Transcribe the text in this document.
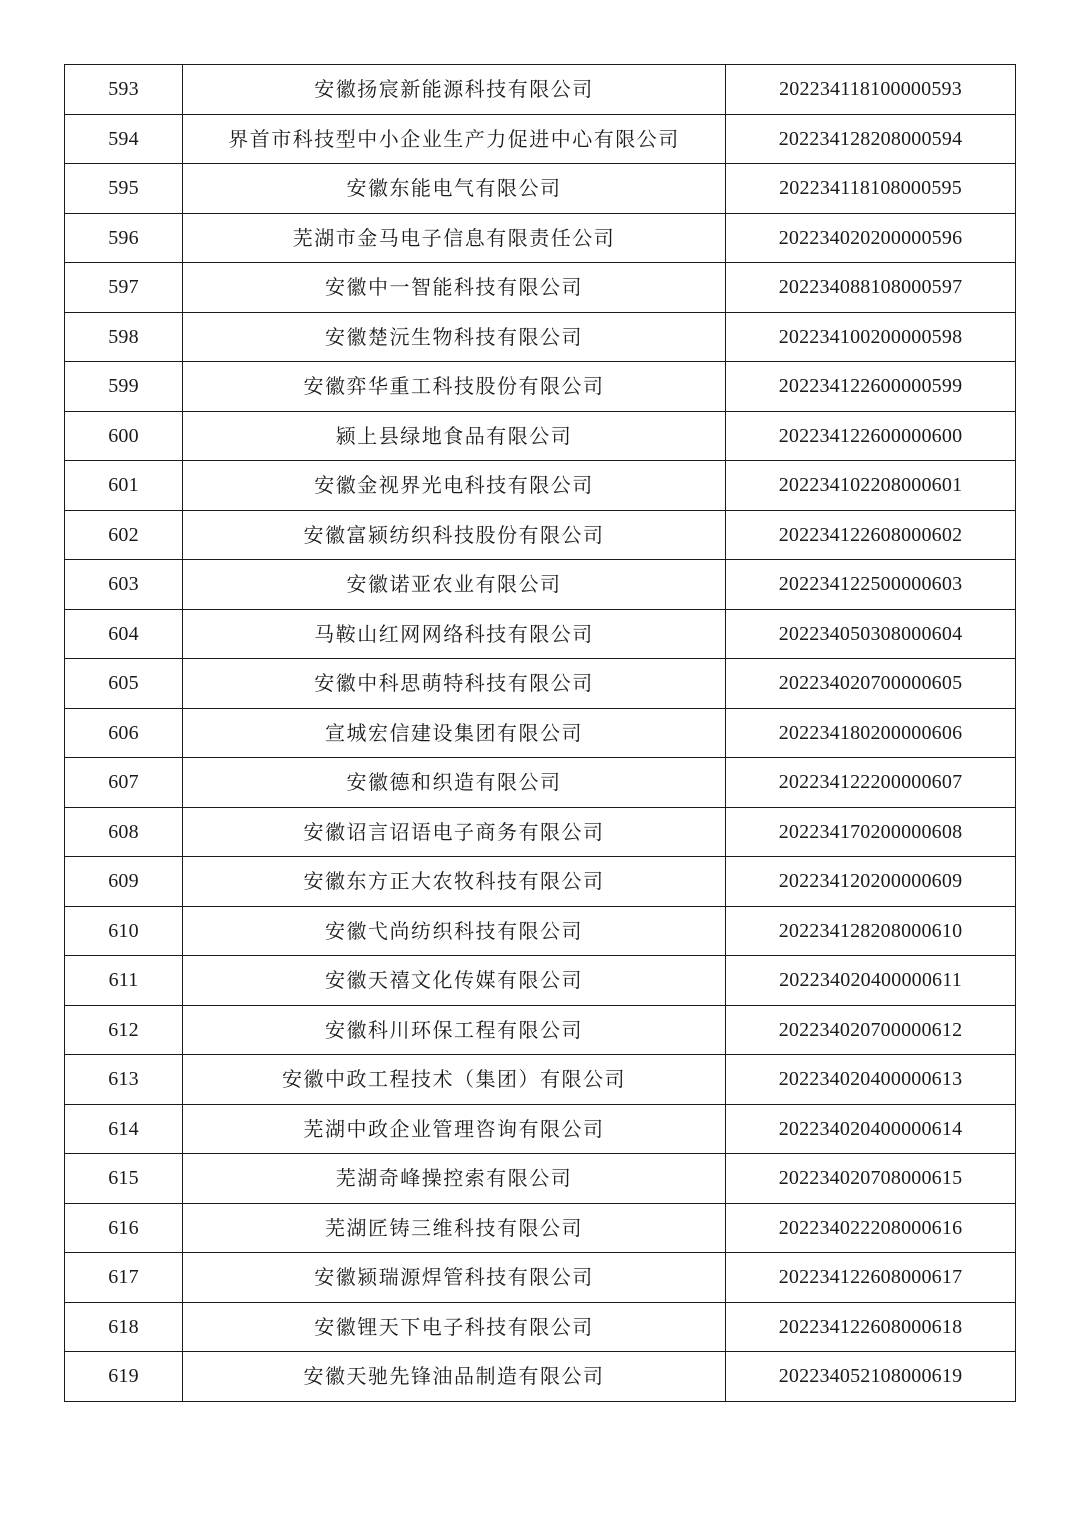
593	安徽扬宸新能源科技有限公司	202234118100000593
594	界首市科技型中小企业生产力促进中心有限公司	202234128208000594
595	安徽东能电气有限公司	202234118108000595
596	芜湖市金马电子信息有限责任公司	202234020200000596
597	安徽中一智能科技有限公司	202234088108000597
598	安徽楚沅生物科技有限公司	202234100200000598
599	安徽弈华重工科技股份有限公司	202234122600000599
600	颍上县绿地食品有限公司	202234122600000600
601	安徽金视界光电科技有限公司	202234102208000601
602	安徽富颍纺织科技股份有限公司	202234122608000602
603	安徽诺亚农业有限公司	202234122500000603
604	马鞍山红网网络科技有限公司	202234050308000604
605	安徽中科思萌特科技有限公司	202234020700000605
606	宣城宏信建设集团有限公司	202234180200000606
607	安徽德和织造有限公司	202234122200000607
608	安徽诏言诏语电子商务有限公司	202234170200000608
609	安徽东方正大农牧科技有限公司	202234120200000609
610	安徽弋尚纺织科技有限公司	202234128208000610
611	安徽天禧文化传媒有限公司	202234020400000611
612	安徽科川环保工程有限公司	202234020700000612
613	安徽中政工程技术（集团）有限公司	202234020400000613
614	芜湖中政企业管理咨询有限公司	202234020400000614
615	芜湖奇峰操控索有限公司	202234020708000615
616	芜湖匠铸三维科技有限公司	202234022208000616
617	安徽颍瑞源焊管科技有限公司	202234122608000617
618	安徽锂天下电子科技有限公司	202234122608000618
619	安徽天驰先锋油品制造有限公司	202234052108000619
